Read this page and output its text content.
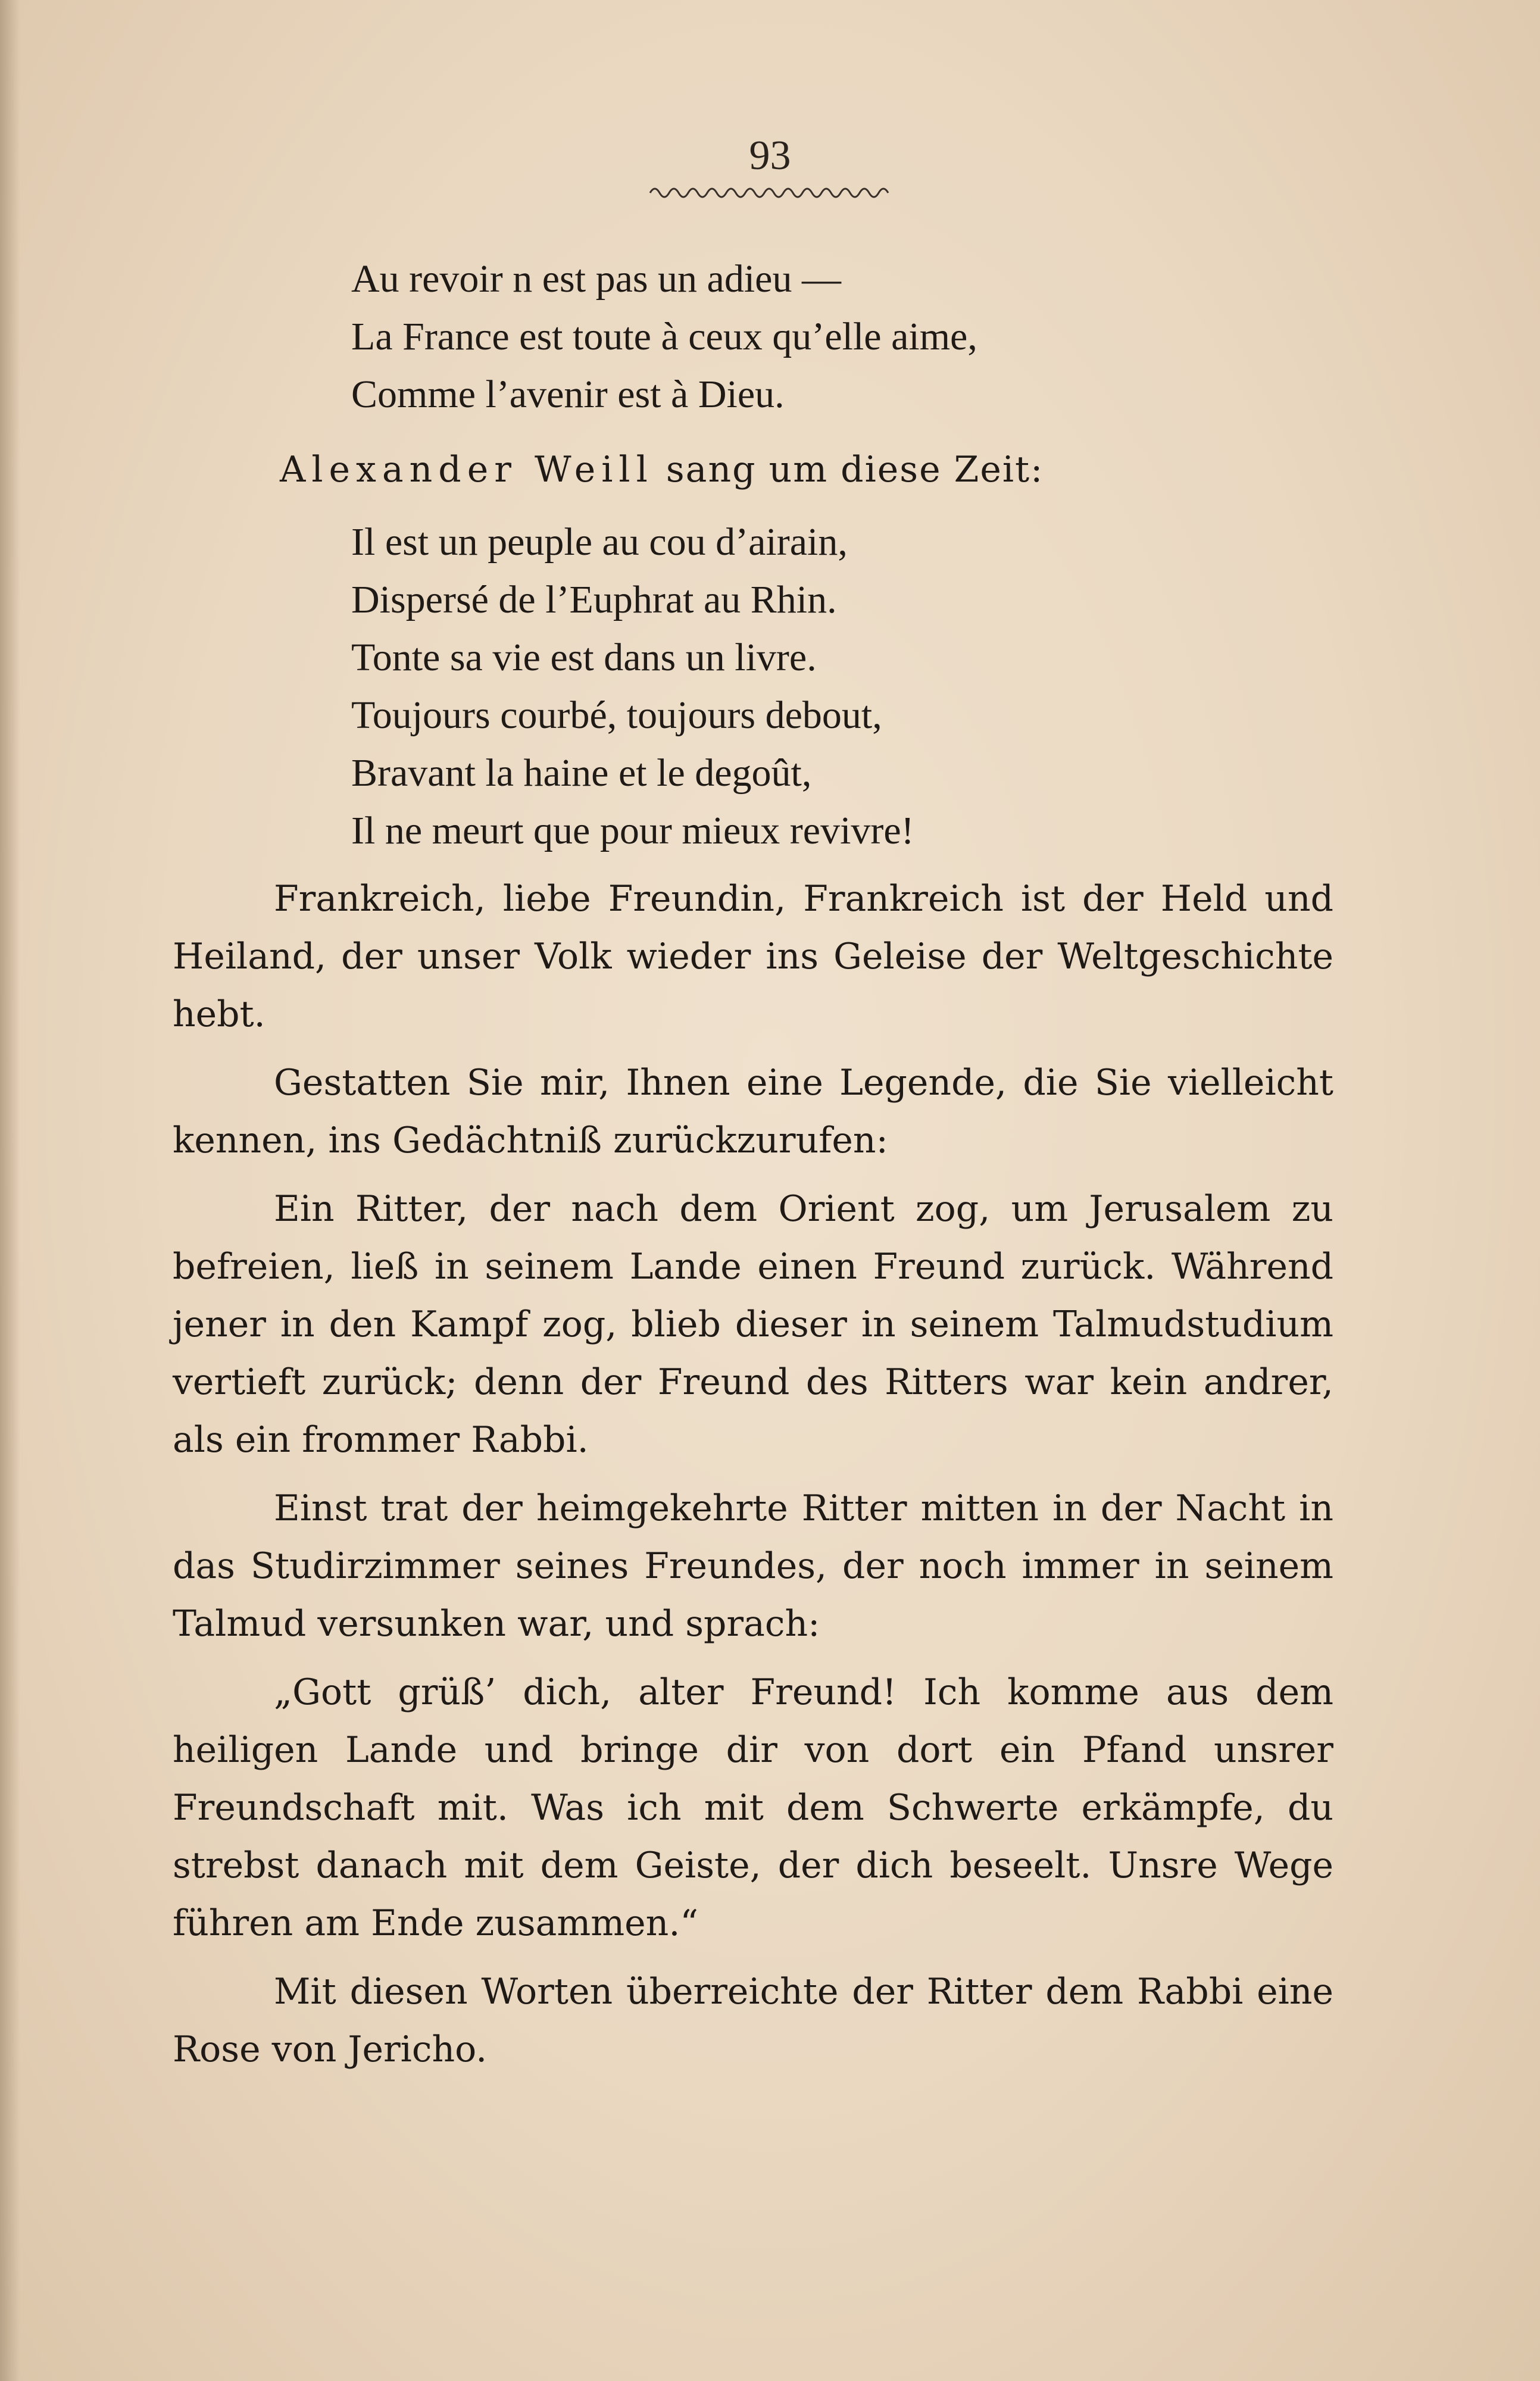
93
Au revoir n est pas un adieu —
La France est toute à ceux qu’elle aime,
Comme l’avenir est à Dieu.

Alexander Weill sang um diese Zeit:

Il est un peuple au cou d’airain,
Dispersé de l’Euphrat au Rhin.
Tonte sa vie est dans un livre.
Toujours courbé, toujours debout,
Bravant la haine et le degoût,
Il ne meurt que pour mieux revivre!

Frankreich, liebe Freundin, Frankreich ist der Held und Heiland, der unser Volk wieder ins Geleise der Weltgeschichte hebt.

Gestatten Sie mir, Ihnen eine Legende, die Sie vielleicht kennen, ins Gedächtniß zurückzurufen:

Ein Ritter, der nach dem Orient zog, um Jerusalem zu befreien, ließ in seinem Lande einen Freund zurück. Während jener in den Kampf zog, blieb dieser in seinem Talmudstudium vertieft zurück; denn der Freund des Ritters war kein andrer, als ein frommer Rabbi.

Einst trat der heimgekehrte Ritter mitten in der Nacht in das Studirzimmer seines Freundes, der noch immer in seinem Talmud versunken war, und sprach:

„Gott grüß’ dich, alter Freund! Ich komme aus dem heiligen Lande und bringe dir von dort ein Pfand unsrer Freundschaft mit. Was ich mit dem Schwerte erkämpfe, du strebst danach mit dem Geiste, der dich beseelt. Unsre Wege führen am Ende zusammen.“

Mit diesen Worten überreichte der Ritter dem Rabbi eine Rose von Jericho.
